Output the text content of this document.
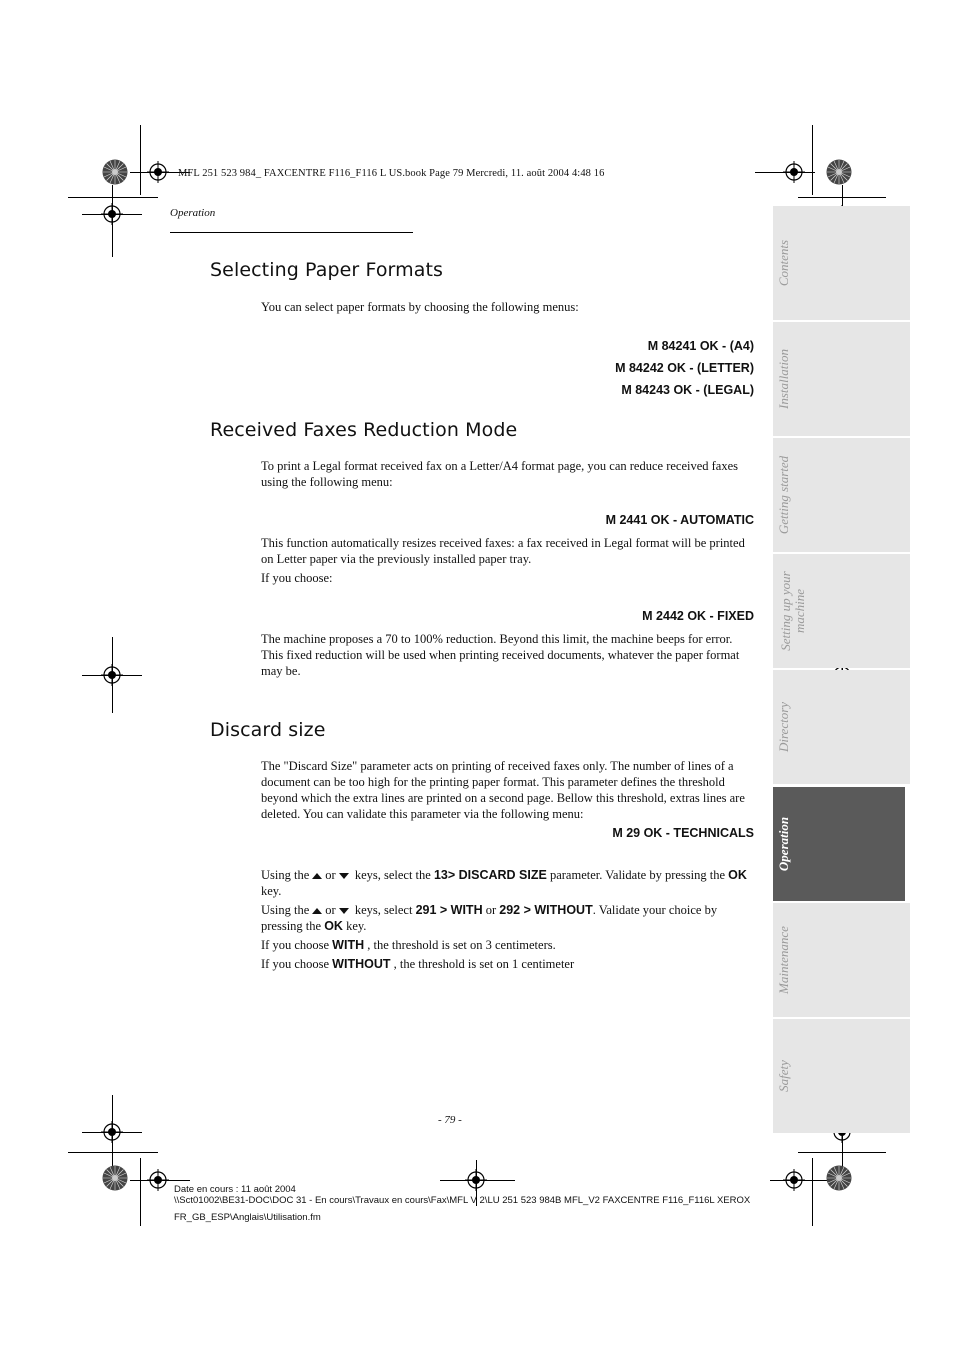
MFL 251 523 984_ FAXCENTRE F116_F116 L US.book Page 79 Mercredi, 11. août 2004 4:48 16
Operation
Selecting Paper Formats

You can select paper formats by choosing the following menus:

M 84241 OK - (A4)
M 84242 OK - (LETTER)
M 84243 OK - (LEGAL)
Received Faxes Reduction Mode

To print a Legal format received fax on a Letter/A4 format page, you can reduce received faxes using the following menu:

M 2441 OK - AUTOMATIC

This function automatically resizes received faxes: a fax received in Legal format will be printed on Letter paper via the previously installed paper tray.

If you choose:

M 2442 OK - FIXED

The machine proposes a 70 to 100% reduction. Beyond this limit, the machine beeps for error. This fixed reduction will be used when printing received documents, whatever the paper format may be.

Discard size

The "Discard Size" parameter acts on printing of received faxes only. The number of lines of a document can be too high for the printing paper format. This parameter defines the threshold beyond which the extra lines are printed on a second page. Bellow this threshold, extras lines are deleted. You can validate this parameter via the following menu:

M 29 OK - TECHNICALS

Using the or keys, select the 13> DISCARD SIZE parameter. Validate by pressing the OK key.

Using the or keys, select 291 > WITH or 292 > WITHOUT. Validate your choice by pressing the OK key.

If you choose WITH , the threshold is set on 3 centimeters.

If you choose WITHOUT , the threshold is set on 1 centimeter

Contents
Installation
Getting started
Setting up your machine
Directory
Operation
Maintenance
Safety
- 79 -
Date en cours : 11 août 2004
\\Sct01002\BE31-DOC\DOC 31 - En cours\Travaux en cours\Fax\MFL V 2\LU 251 523 984B MFL_V2 FAXCENTRE F116_F116L XEROX
FR_GB_ESP\Anglais\Utilisation.fm
